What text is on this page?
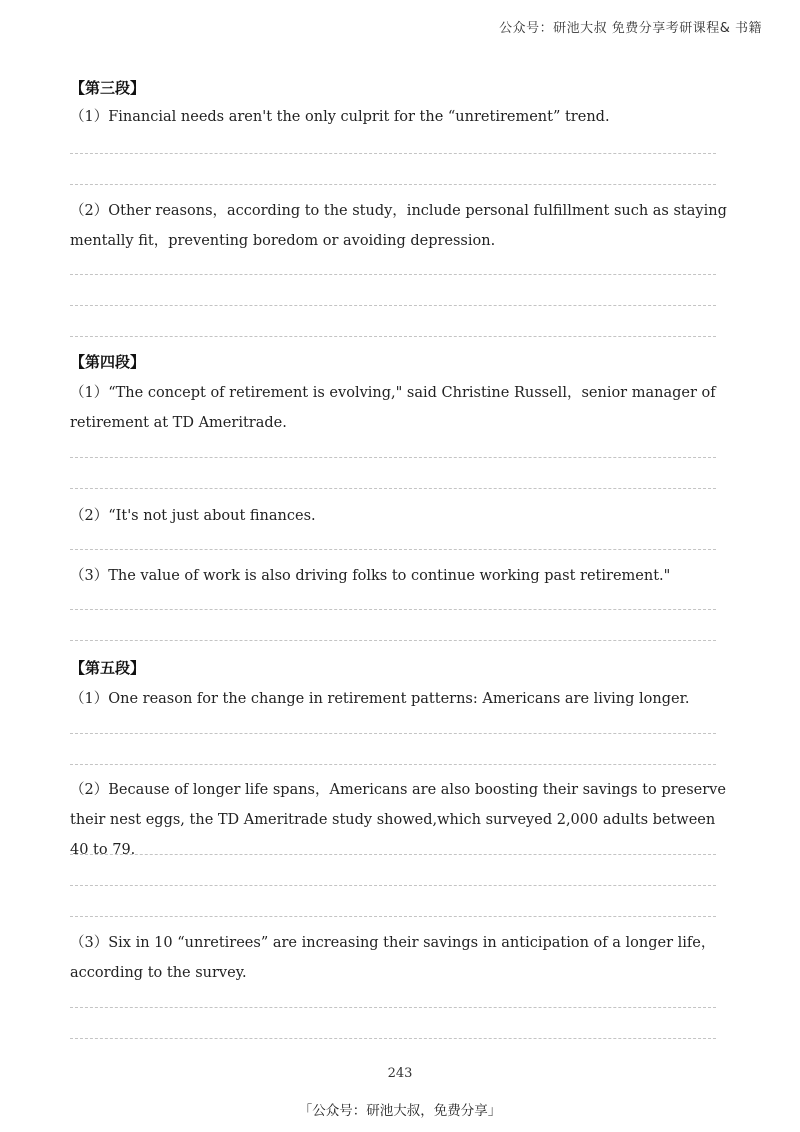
公众号：研池大叔 免费分享考研课程& 书籍
【第三段】
（1）Financial needs aren't the only culprit for the “unretirement” trend.
（2）Other reasons，according to the study，include personal fulfillment such as staying mentally fit，preventing boredom or avoiding depression.
【第四段】
（1）“The concept of retirement is evolving," said Christine Russell，senior manager of retirement at TD Ameritrade.
（2）“It's not just about finances.
（3）The value of work is also driving folks to continue working past retirement."
【第五段】
（1）One reason for the change in retirement patterns: Americans are living longer.
（2）Because of longer life spans，Americans are also boosting their savings to preserve their nest eggs, the TD Ameritrade study showed,which surveyed 2,000 adults between 40 to 79.
（3）Six in 10 “unretirees” are increasing their savings in anticipation of a longer life，according to the survey.
243
「公众号：研池大叔，免费分享」
